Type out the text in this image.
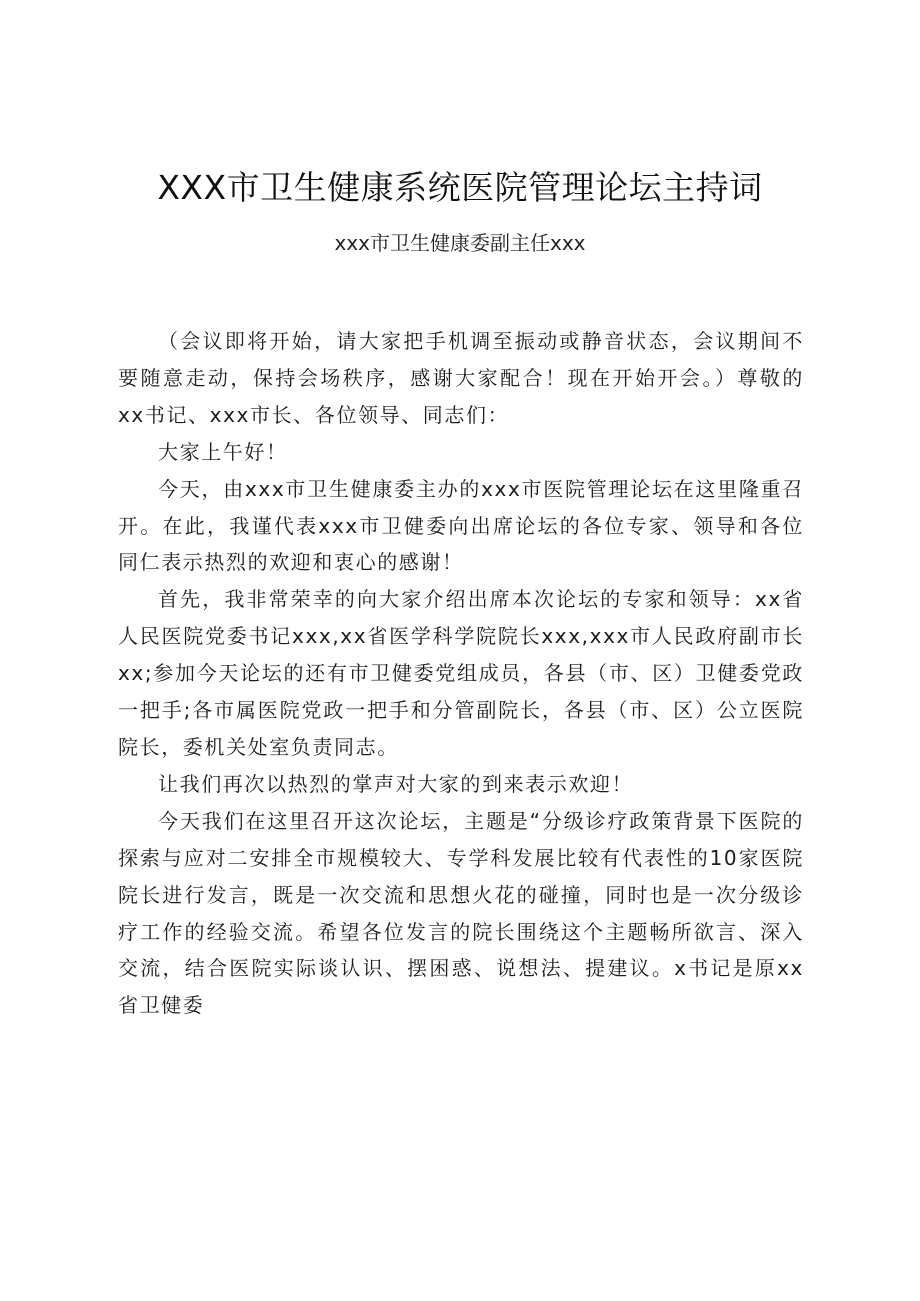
XXX市卫生健康系统医院管理论坛主持词
xxx市卫生健康委副主任xxx

（会议即将开始，请大家把手机调至振动或静音状态，会议期间不要随意走动，保持会场秩序，感谢大家配合！现在开始开会。）尊敬的xx书记、xxx市长、各位领导、同志们：

大家上午好！

今天，由xxx市卫生健康委主办的xxx市医院管理论坛在这里隆重召开。在此，我谨代表xxx市卫健委向出席论坛的各位专家、领导和各位同仁表示热烈的欢迎和衷心的感谢！

首先，我非常荣幸的向大家介绍出席本次论坛的专家和领导：xx省人民医院党委书记xxx,xx省医学科学院院长xxx,xxx市人民政府副市长xx;参加今天论坛的还有市卫健委党组成员，各县（市、区）卫健委党政一把手;各市属医院党政一把手和分管副院长，各县（市、区）公立医院院长，委机关处室负责同志。

让我们再次以热烈的掌声对大家的到来表示欢迎！

今天我们在这里召开这次论坛，主题是“分级诊疗政策背景下医院的探索与应对二安排全市规模较大、专学科发展比较有代表性的10家医院院长进行发言，既是一次交流和思想火花的碰撞，同时也是一次分级诊疗工作的经验交流。希望各位发言的院长围绕这个主题畅所欲言、深入交流，结合医院实际谈认识、摆困惑、说想法、提建议。x书记是原xx省卫健委
